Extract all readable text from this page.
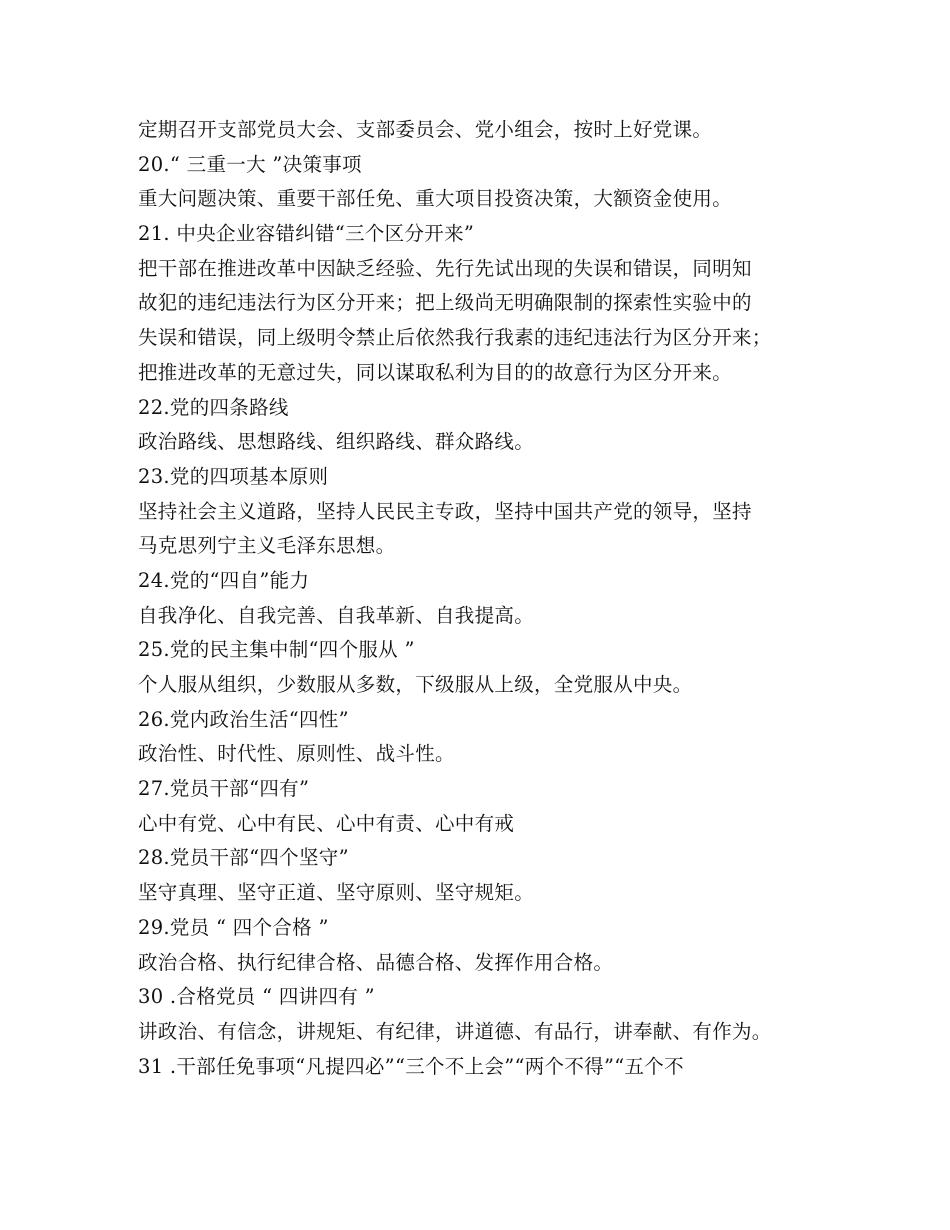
定期召开支部党员大会、支部委员会、党小组会，按时上好党课。
20.“ 三重一大 ”决策事项
重大问题决策、重要干部任免、重大项目投资决策，大额资金使用。
21. 中央企业容错纠错“三个区分开来”
把干部在推进改革中因缺乏经验、先行先试出现的失误和错误，同明知
故犯的违纪违法行为区分开来；把上级尚无明确限制的探索性实验中的
失误和错误，同上级明令禁止后依然我行我素的违纪违法行为区分开来；
把推进改革的无意过失，同以谋取私利为目的的故意行为区分开来。
22.党的四条路线
政治路线、思想路线、组织路线、群众路线。
23.党的四项基本原则
坚持社会主义道路，坚持人民民主专政，坚持中国共产党的领导，坚持
马克思列宁主义毛泽东思想。
24.党的“四自”能力
自我净化、自我完善、自我革新、自我提高。
25.党的民主集中制“四个服从 ”
个人服从组织，少数服从多数，下级服从上级，全党服从中央。
26.党内政治生活“四性”
政治性、时代性、原则性、战斗性。
27.党员干部“四有”
心中有党、心中有民、心中有责、心中有戒
28.党员干部“四个坚守”
坚守真理、坚守正道、坚守原则、坚守规矩。
29.党员 “ 四个合格 ”
政治合格、执行纪律合格、品德合格、发挥作用合格。
30 .合格党员 “ 四讲四有 ”
讲政治、有信念，讲规矩、有纪律，讲道德、有品行，讲奉献、有作为。
31 .干部任免事项“凡提四必”“三个不上会”“两个不得”“五个不
